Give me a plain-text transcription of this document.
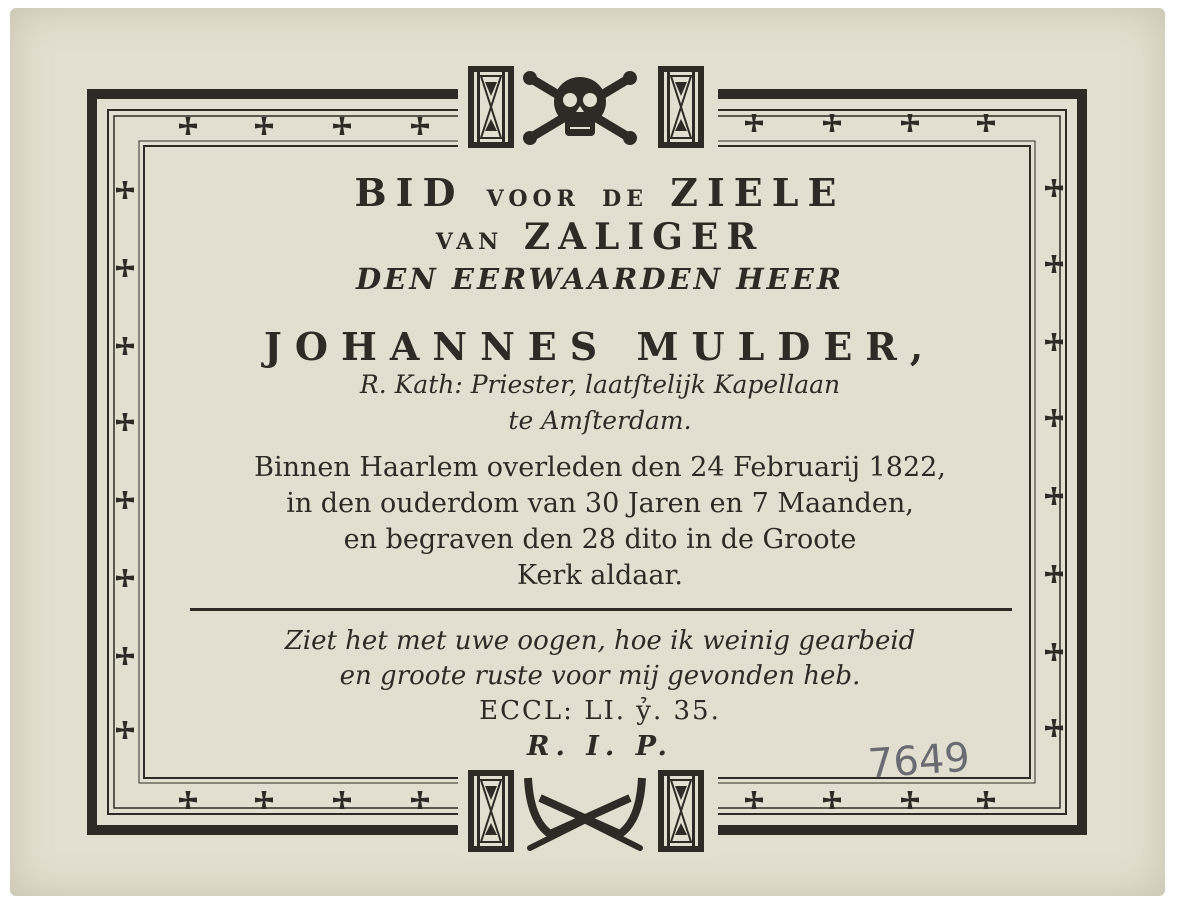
BID VOOR DE ZIELE
VAN ZALIGER
DEN EERWAARDEN HEER
JOHANNES MULDER,
R. Kath: Priester, laatſtelijk Kapellaan
te Amſterdam.
Binnen Haarlem overleden den 24 Februarij 1822,
in den ouderdom van 30 Jaren en 7 Maanden,
en begraven den 28 dito in de Groote
Kerk aldaar.
Ziet het met uwe oogen, hoe ik weinig gearbeid
en groote ruste voor mij gevonden heb.
ECCL: LI. ỷ. 35.
R. I. P.	7649
